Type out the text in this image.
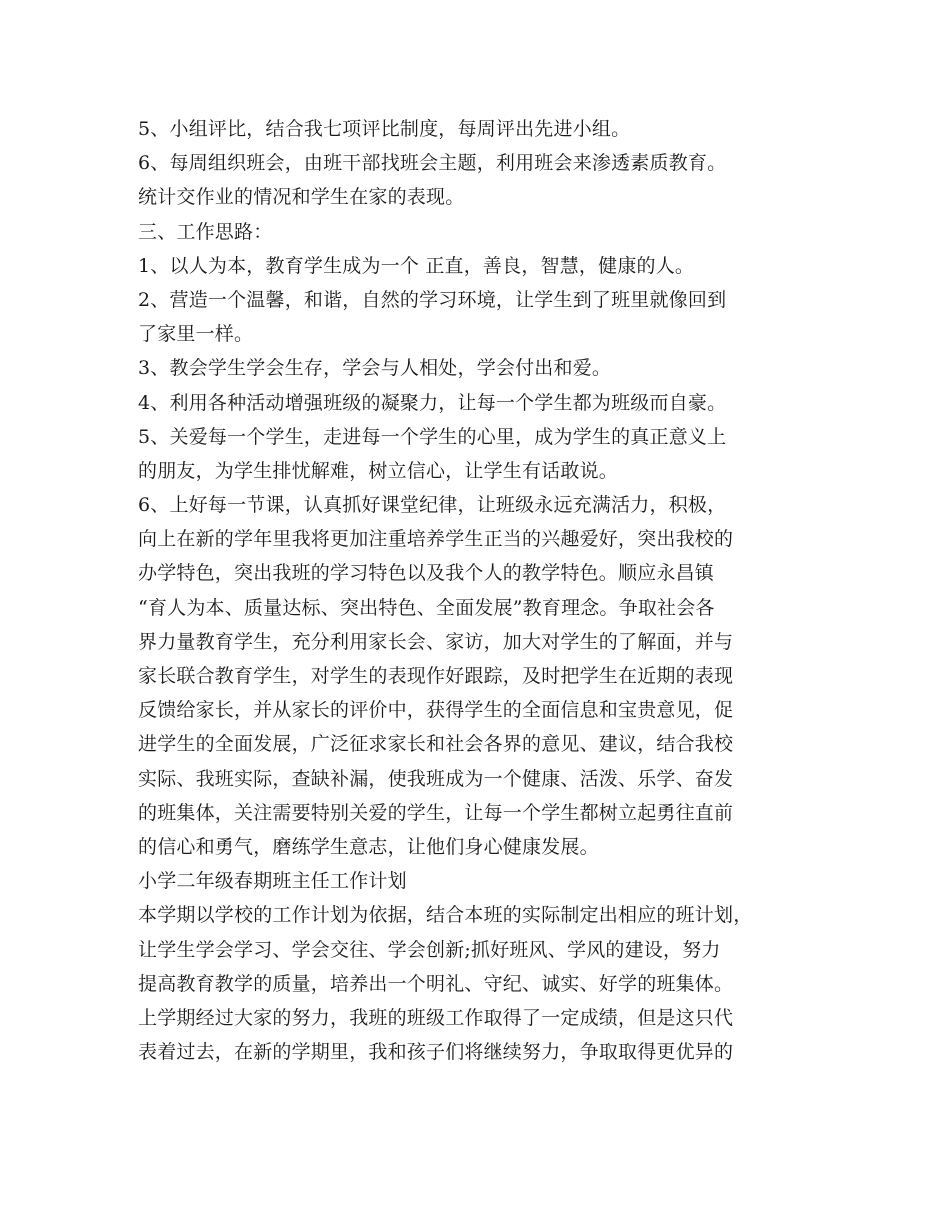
5、小组评比，结合我七项评比制度，每周评出先进小组。
6、每周组织班会，由班干部找班会主题，利用班会来渗透素质教育。
统计交作业的情况和学生在家的表现。
三、工作思路：
1、以人为本，教育学生成为一个 正直，善良，智慧，健康的人。
2、营造一个温馨，和谐，自然的学习环境，让学生到了班里就像回到
了家里一样。
3、教会学生学会生存，学会与人相处，学会付出和爱。
4、利用各种活动增强班级的凝聚力，让每一个学生都为班级而自豪。
5、关爱每一个学生，走进每一个学生的心里，成为学生的真正意义上
的朋友，为学生排忧解难，树立信心，让学生有话敢说。
6、上好每一节课，认真抓好课堂纪律，让班级永远充满活力，积极，
向上在新的学年里我将更加注重培养学生正当的兴趣爱好，突出我校的
办学特色，突出我班的学习特色以及我个人的教学特色。顺应永昌镇
“育人为本、质量达标、突出特色、全面发展”教育理念。争取社会各
界力量教育学生，充分利用家长会、家访，加大对学生的了解面，并与
家长联合教育学生，对学生的表现作好跟踪，及时把学生在近期的表现
反馈给家长，并从家长的评价中，获得学生的全面信息和宝贵意见，促
进学生的全面发展，广泛征求家长和社会各界的意见、建议，结合我校
实际、我班实际，查缺补漏，使我班成为一个健康、活泼、乐学、奋发
的班集体，关注需要特别关爱的学生，让每一个学生都树立起勇往直前
的信心和勇气，磨练学生意志，让他们身心健康发展。
小学二年级春期班主任工作计划
本学期以学校的工作计划为依据，结合本班的实际制定出相应的班计划，
让学生学会学习、学会交往、学会创新;抓好班风、学风的建设，努力
提高教育教学的质量，培养出一个明礼、守纪、诚实、好学的班集体。
上学期经过大家的努力，我班的班级工作取得了一定成绩，但是这只代
表着过去，在新的学期里，我和孩子们将继续努力，争取取得更优异的
